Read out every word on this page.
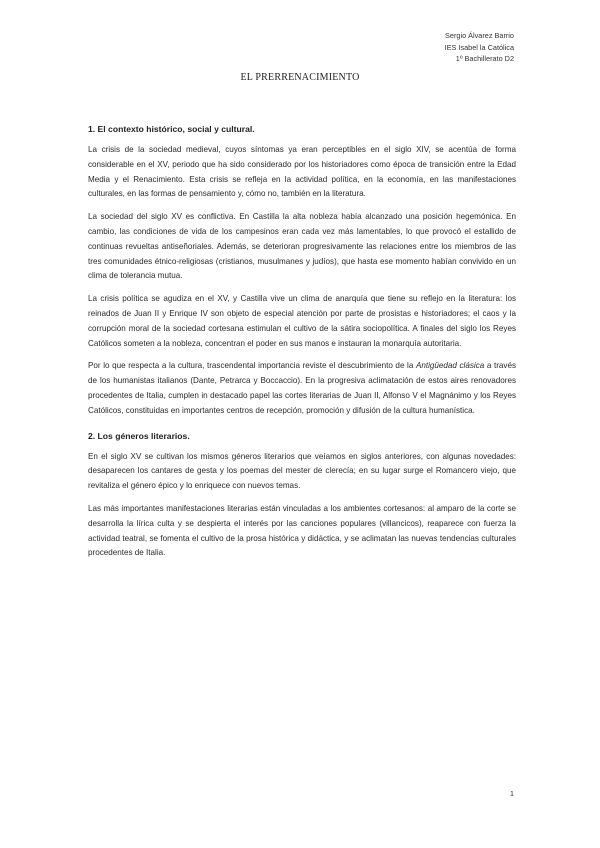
Sergio Álvarez Barrio
IES Isabel la Católica
1º Bachillerato D2
EL PRERRENACIMIENTO
1. El contexto histórico, social y cultural.

La crisis de la sociedad medieval, cuyos síntomas ya eran perceptibles en el siglo XIV, se acentúa de forma considerable en el XV, periodo que ha sido considerado por los historiadores como época de transición entre la Edad Media y el Renacimiento. Esta crisis se refleja en la actividad política, en la economía, en las manifestaciones culturales, en las formas de pensamiento y, cómo no, también en la literatura.

La sociedad del siglo XV es conflictiva. En Castilla la alta nobleza había alcanzado una posición hegemónica. En cambio, las condiciones de vida de los campesinos eran cada vez más lamentables, lo que provocó el estallido de continuas revueltas antiseñoriales. Además, se deterioran progresivamente las relaciones entre los miembros de las tres comunidades étnico-religiosas (cristianos, musulmanes y judíos), que hasta ese momento habían convivido en un clima de tolerancia mutua.

La crisis política se agudiza en el XV, y Castilla vive un clima de anarquía que tiene su reflejo en la literatura: los reinados de Juan II y Enrique IV son objeto de especial atención por parte de prosistas e historiadores; el caos y la corrupción moral de la sociedad cortesana estimulan el cultivo de la sátira sociopolítica. A finales del siglo los Reyes Católicos someten a la nobleza, concentran el poder en sus manos e instauran la monarquía autoritaria.

Por lo que respecta a la cultura, trascendental importancia reviste el descubrimiento de la Antigüedad clásica a través de los humanistas italianos (Dante, Petrarca y Boccaccio). En la progresiva aclimatación de estos aires renovadores procedentes de Italia, cumplen in destacado papel las cortes literarias de Juan II, Alfonso V el Magnánimo y los Reyes Católicos, constituidas en importantes centros de recepción, promoción y difusión de la cultura humanística.

2. Los géneros literarios.

En el siglo XV se cultivan los mismos géneros literarios que veíamos en siglos anteriores, con algunas novedades: desaparecen los cantares de gesta y los poemas del mester de clerecía; en su lugar surge el Romancero viejo, que revitaliza el género épico y lo enriquece con nuevos temas.

Las más importantes manifestaciones literarias están vinculadas a los ambientes cortesanos: al amparo de la corte se desarrolla la lírica culta y se despierta el interés por las canciones populares (villancicos), reaparece con fuerza la actividad teatral, se fomenta el cultivo de la prosa histórica y didáctica, y se aclimatan las nuevas tendencias culturales procedentes de Italia.

1
